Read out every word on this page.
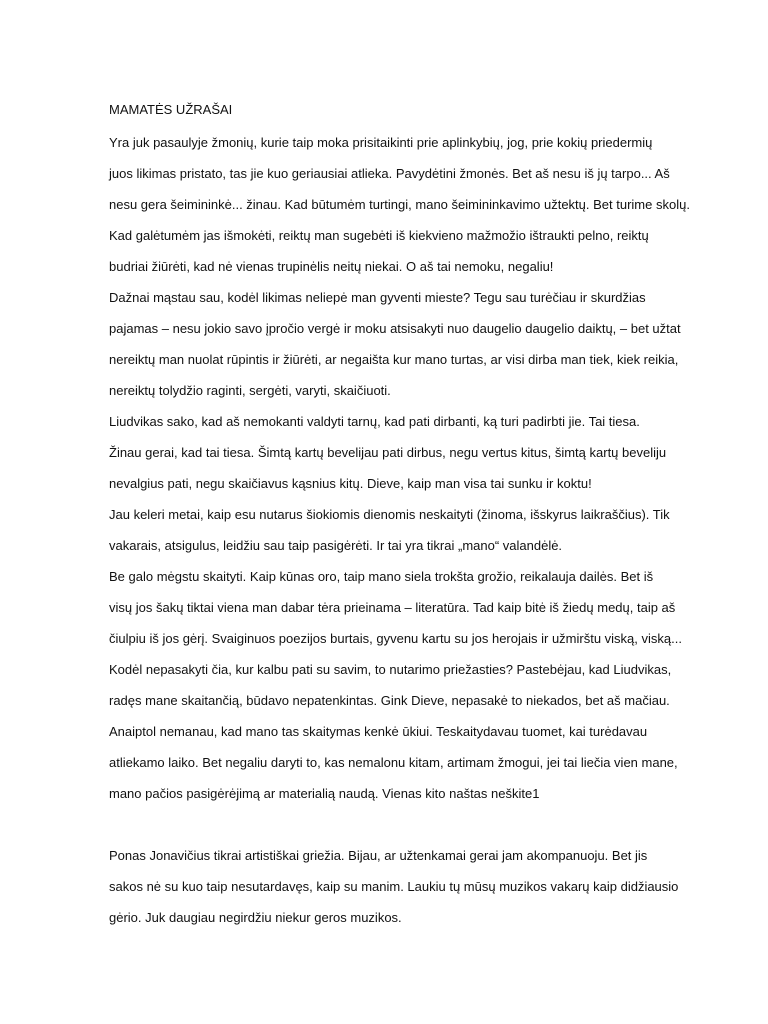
MAMATĖS UŽRAŠAI
Yra juk pasaulyje žmonių, kurie taip moka prisitaikinti prie aplinkybių, jog, prie kokių priedermių
juos likimas pristato, tas jie kuo geriausiai atlieka. Pavydėtini žmonės. Bet aš nesu iš jų tarpo... Aš
nesu gera šeimininkė... žinau. Kad būtumėm turtingi, mano šeimininkavimo užtektų. Bet turime skolų.
Kad galėtumėm jas išmokėti, reiktų man sugebėti iš kiekvieno mažmožio ištraukti pelno, reiktų
budriai žiūrėti, kad nė vienas trupinėlis neitų niekai. O aš tai nemoku, negaliu!
Dažnai mąstau sau, kodėl likimas neliepė man gyventi mieste? Tegu sau turėčiau ir skurdžias
pajamas – nesu jokio savo įpročio vergė ir moku atsisakyti nuo daugelio daugelio daiktų, – bet užtat
nereiktų man nuolat rūpintis ir žiūrėti, ar negaišta kur mano turtas, ar visi dirba man tiek, kiek reikia,
nereiktų tolydžio raginti, sergėti, varyti, skaičiuoti.
Liudvikas sako, kad aš nemokanti valdyti tarnų, kad pati dirbanti, ką turi padirbti jie. Tai tiesa.
Žinau gerai, kad tai tiesa. Šimtą kartų bevelijau pati dirbus, negu vertus kitus, šimtą kartų beveliju
nevalgius pati, negu skaičiavus kąsnius kitų. Dieve, kaip man visa tai sunku ir koktu!
Jau keleri metai, kaip esu nutarus šiokiomis dienomis neskaityti (žinoma, išskyrus laikraščius). Tik
vakarais, atsigulus, leidžiu sau taip pasigėrėti. Ir tai yra tikrai „mano“ valandėlė.
Be galo mėgstu skaityti. Kaip kūnas oro, taip mano siela trokšta grožio, reikalauja dailės. Bet iš
visų jos šakų tiktai viena man dabar tėra prieinama – literatūra. Tad kaip bitė iš žiedų medų, taip aš
čiulpiu iš jos gėrį. Svaiginuos poezijos burtais, gyvenu kartu su jos herojais ir užmirštu viską, viską...
Kodėl nepasakyti čia, kur kalbu pati su savim, to nutarimo priežasties? Pastebėjau, kad Liudvikas,
radęs mane skaitančią, būdavo nepatenkintas. Gink Dieve, nepasakė to niekados, bet aš mačiau.
Anaiptol nemanau, kad mano tas skaitymas kenkė ūkiui. Teskaitydavau tuomet, kai turėdavau
atliekamo laiko. Bet negaliu daryti to, kas nemalonu kitam, artimam žmogui, jei tai liečia vien mane,
mano pačios pasigėrėjimą ar materialią naudą. Vienas kito naštas neškite1
Ponas Jonavičius tikrai artistiškai griežia. Bijau, ar užtenkamai gerai jam akompanuoju. Bet jis
sakos nė su kuo taip nesutardavęs, kaip su manim. Laukiu tų mūsų muzikos vakarų kaip didžiausio
gėrio. Juk daugiau negirdžiu niekur geros muzikos.
